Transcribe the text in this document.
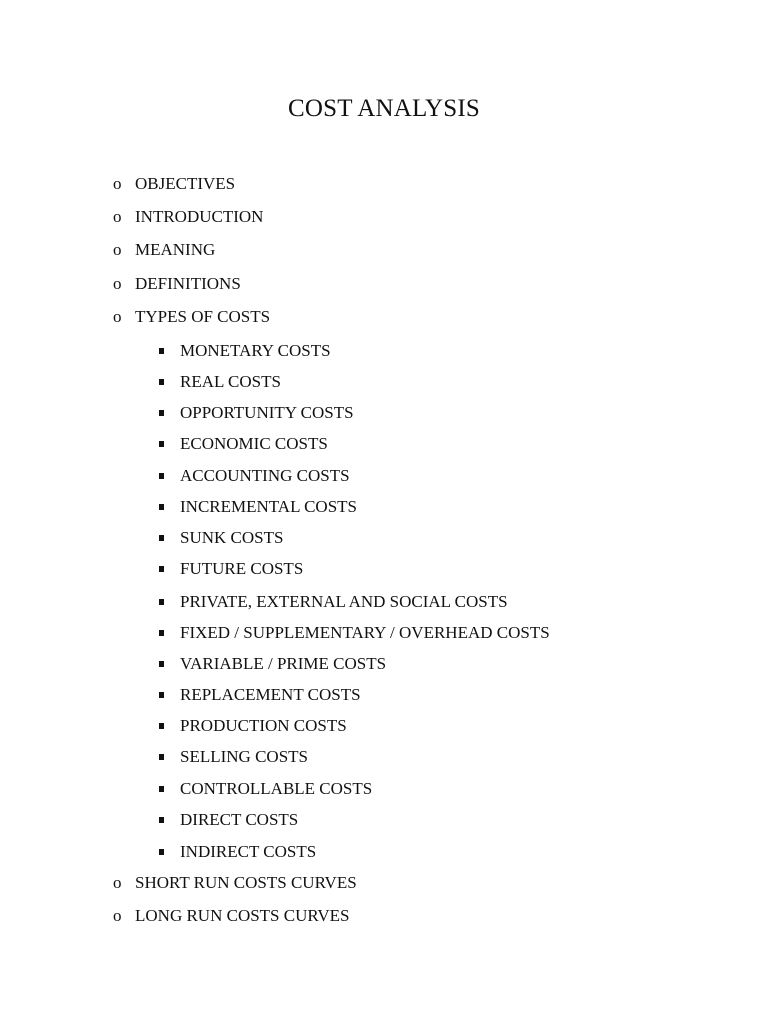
COST ANALYSIS
o OBJECTIVES
o INTRODUCTION
o MEANING
o DEFINITIONS
o TYPES OF COSTS
MONETARY COSTS
REAL COSTS
OPPORTUNITY COSTS
ECONOMIC COSTS
ACCOUNTING COSTS
INCREMENTAL COSTS
SUNK COSTS
FUTURE COSTS
PRIVATE, EXTERNAL AND SOCIAL COSTS
FIXED / SUPPLEMENTARY / OVERHEAD COSTS
VARIABLE / PRIME COSTS
REPLACEMENT COSTS
PRODUCTION COSTS
SELLING COSTS
CONTROLLABLE COSTS
DIRECT COSTS
INDIRECT COSTS
o SHORT RUN COSTS CURVES
o LONG RUN COSTS CURVES
